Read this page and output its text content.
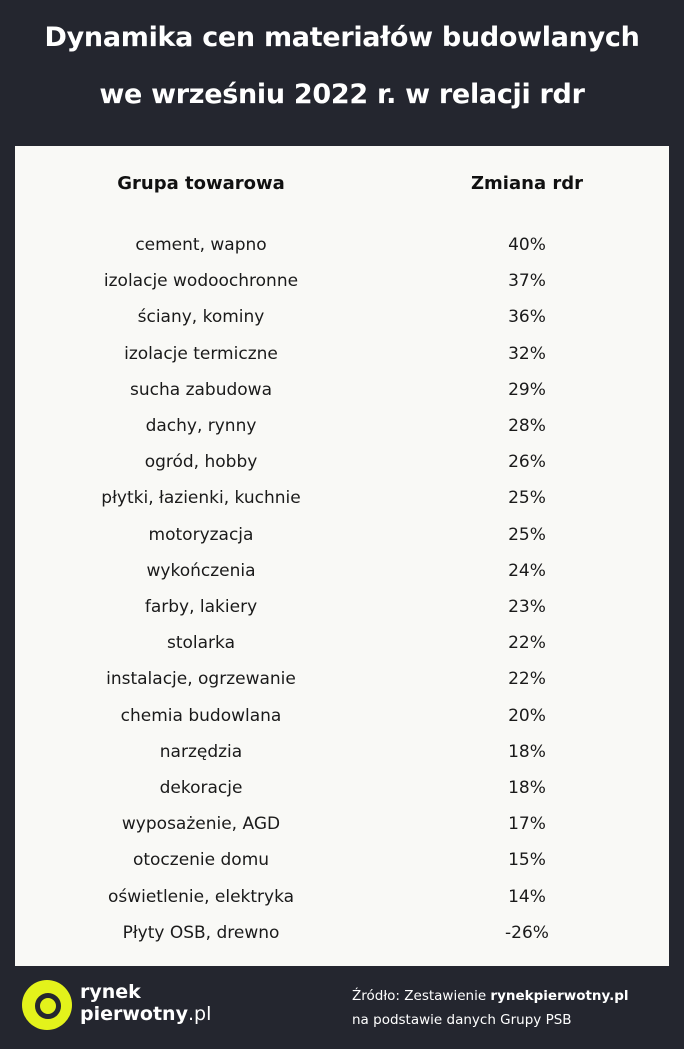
Dynamika cen materiałów budowlanych
we wrześniu 2022 r. w relacji rdr
Grupa towarowa	Zmiana rdr
cement, wapno	40%
izolacje wodoochronne	37%
ściany, kominy	36%
izolacje termiczne	32%
sucha zabudowa	29%
dachy, rynny	28%
ogród, hobby	26%
płytki, łazienki, kuchnie	25%
motoryzacja	25%
wykończenia	24%
farby, lakiery	23%
stolarka	22%
instalacje, ogrzewanie	22%
chemia budowlana	20%
narzędzia	18%
dekoracje	18%
wyposażenie, AGD	17%
otoczenie domu	15%
oświetlenie, elektryka	14%
Płyty OSB, drewno	-26%
rynek
pierwotny.pl
Źródło: Zestawienie rynekpierwotny.pl
na podstawie danych Grupy PSB
